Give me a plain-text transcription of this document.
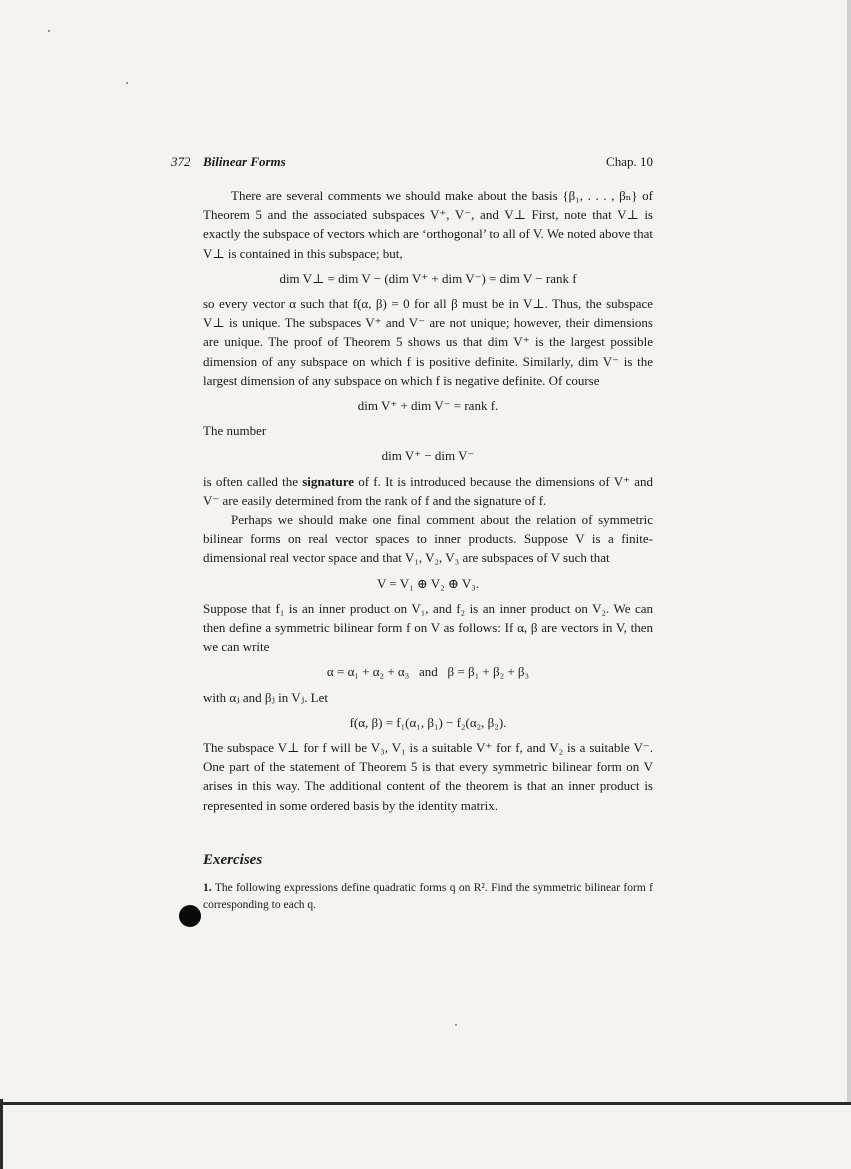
372 Bilinear Forms	Chap. 10

There are several comments we should make about the basis {β₁, . . . , βₙ} of Theorem 5 and the associated subspaces V⁺, V⁻, and V⊥ First, note that V⊥ is exactly the subspace of vectors which are ‘orthogonal’ to all of V. We noted above that V⊥ is contained in this subspace; but,

dim V⊥ = dim V − (dim V⁺ + dim V⁻) = dim V − rank f

so every vector α such that f(α, β) = 0 for all β must be in V⊥. Thus, the subspace V⊥ is unique. The subspaces V⁺ and V⁻ are not unique; however, their dimensions are unique. The proof of Theorem 5 shows us that dim V⁺ is the largest possible dimension of any subspace on which f is positive definite. Similarly, dim V⁻ is the largest dimension of any subspace on which f is negative definite. Of course

dim V⁺ + dim V⁻ = rank f.

The number

dim V⁺ − dim V⁻

is often called the signature of f. It is introduced because the dimensions of V⁺ and V⁻ are easily determined from the rank of f and the signature of f.

Perhaps we should make one final comment about the relation of symmetric bilinear forms on real vector spaces to inner products. Suppose V is a finite-dimensional real vector space and that V₁, V₂, V₃ are subspaces of V such that

V = V₁ ⊕ V₂ ⊕ V₃.

Suppose that f₁ is an inner product on V₁, and f₂ is an inner product on V₂. We can then define a symmetric bilinear form f on V as follows: If α, β are vectors in V, then we can write

α = α₁ + α₂ + α₃   and   β = β₁ + β₂ + β₃

with αⱼ and βⱼ in Vⱼ. Let

f(α, β) = f₁(α₁, β₁) − f₂(α₂, β₂).

The subspace V⊥ for f will be V₃, V₁ is a suitable V⁺ for f, and V₂ is a suitable V⁻. One part of the statement of Theorem 5 is that every symmetric bilinear form on V arises in this way. The additional content of the theorem is that an inner product is represented in some ordered basis by the identity matrix.

Exercises

1. The following expressions define quadratic forms q on R². Find the symmetric bilinear form f corresponding to each q.
